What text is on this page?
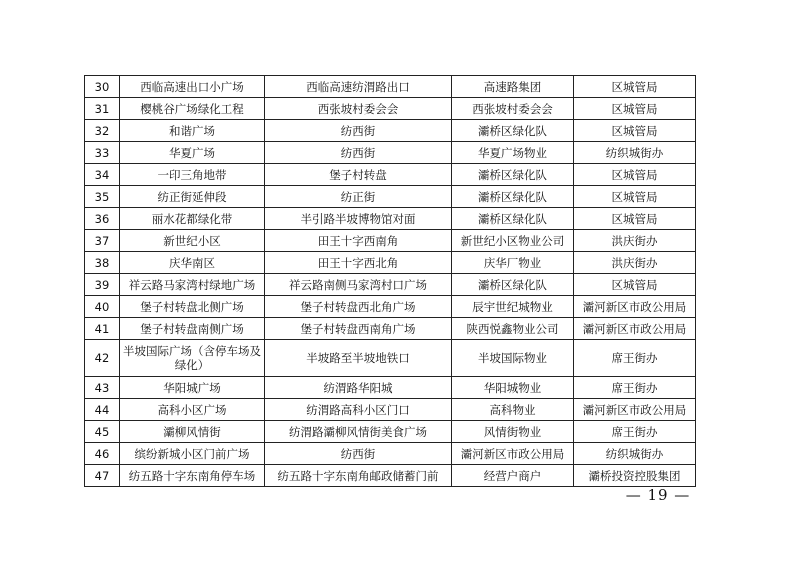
30	西临高速出口小广场	西临高速纺渭路出口	高速路集团	区城管局
31	樱桃谷广场绿化工程	西张坡村委会会	西张坡村委会会	区城管局
32	和谐广场	纺西街	灞桥区绿化队	区城管局
33	华夏广场	纺西街	华夏广场物业	纺织城街办
34	一印三角地带	堡子村转盘	灞桥区绿化队	区城管局
35	纺正街延伸段	纺正街	灞桥区绿化队	区城管局
36	丽水花都绿化带	半引路半坡博物馆对面	灞桥区绿化队	区城管局
37	新世纪小区	田王十字西南角	新世纪小区物业公司	洪庆街办
38	庆华南区	田王十字西北角	庆华厂物业	洪庆街办
39	祥云路马家湾村绿地广场	祥云路南侧马家湾村口广场	灞桥区绿化队	区城管局
40	堡子村转盘北侧广场	堡子村转盘西北角广场	辰宇世纪城物业	灞河新区市政公用局
41	堡子村转盘南侧广场	堡子村转盘西南角广场	陕西悦鑫物业公司	灞河新区市政公用局
42	半坡国际广场（含停车场及绿化）	半坡路至半坡地铁口	半坡国际物业	席王街办
43	华阳城广场	纺渭路华阳城	华阳城物业	席王街办
44	高科小区广场	纺渭路高科小区门口	高科物业	灞河新区市政公用局
45	灞柳风情街	纺渭路灞柳风情街美食广场	风情街物业	席王街办
46	缤纷新城小区门前广场	纺西街	灞河新区市政公用局	纺织城街办
47	纺五路十字东南角停车场	纺五路十字东南角邮政储蓄门前	经营户商户	灞桥投资控股集团
— 19 —
